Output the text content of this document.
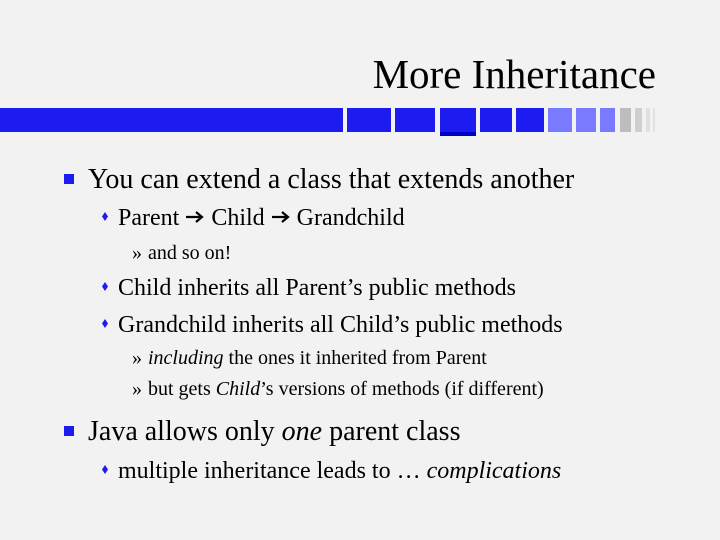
More Inheritance
You can extend a class that extends another
Parent Child Grandchild
» and so on!
Child inherits all Parent’s public methods
Grandchild inherits all Child’s public methods
» including the ones it inherited from Parent
» but gets Child’s versions of methods (if different)
Java allows only one parent class
multiple inheritance leads to … complications
